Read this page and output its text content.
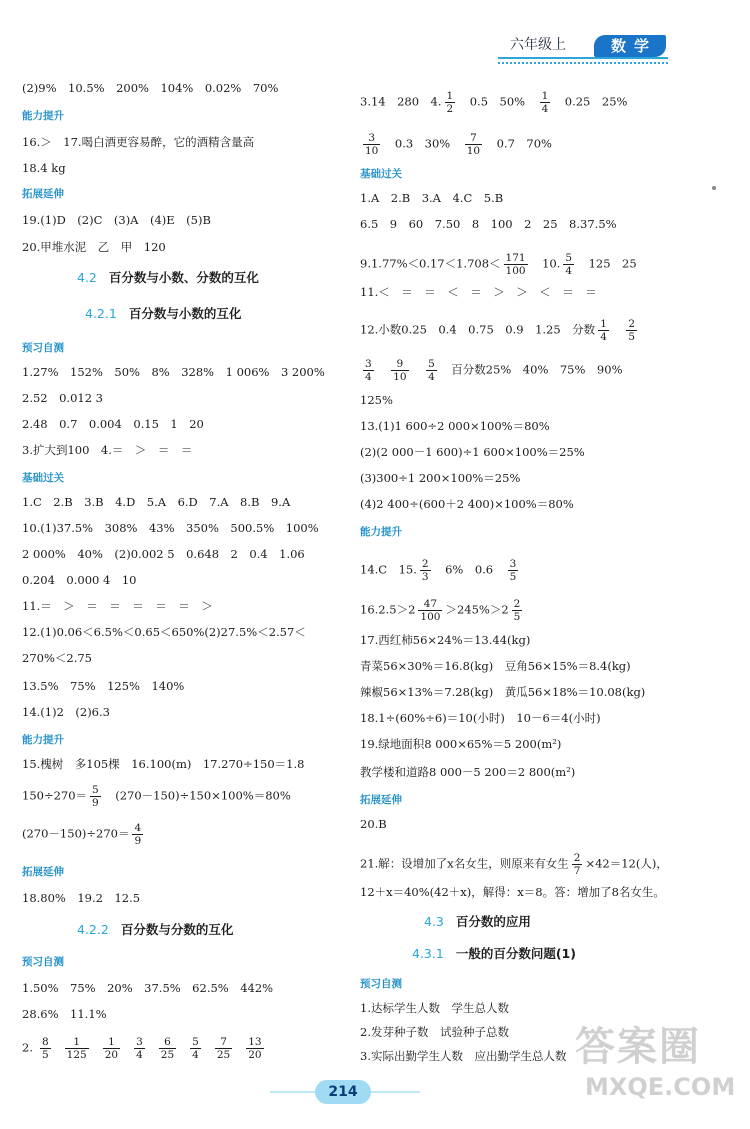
六年级上	数学
(2)9%　10.5%　200%　104%　0.02%　70%
能力提升
16.＞　17.喝白酒更容易醉，它的酒精含量高
18.4 kg
拓展延伸
19.(1)D　(2)C　(3)A　(4)E　(5)B
20.甲堆水泥　乙　甲　120
4.2 百分数与小数、分数的互化
4.2.1 百分数与小数的互化
预习自测
1.27%　152%　50%　8%　328%　1 006%　3 200%
2.52　0.012 3
2.48　0.7　0.004　0.15　1　20
3.扩大到100　4.＝　＞　＝　＝
基础过关
1.C　2.B　3.B　4.D　5.A　6.D　7.A　8.B　9.A
10.(1)37.5%　308%　43%　350%　500.5%　100%
2 000%　40%　(2)0.002 5　0.648　2　0.4　1.06
0.204　0.000 4　10
11.＝　＞　＝　＝　＝　＝　＝　＞
12.(1)0.06＜6.5%＜0.65＜650%(2)27.5%＜2.57＜
270%＜2.75
13.5%　75%　125%　140%
14.(1)2　(2)6.3
能力提升
15.槐树　多105棵　16.100(m)　17.270÷150＝1.8
$150\div 270= \frac{5}{9}$
　 (270－150)÷150×100%＝80%
$(270-150)\div 270= \frac{4}{9}$
拓展延伸
18.80%　19.2　12.5
4.2.2 百分数与分数的互化
预习自测
1.50%　75%　20%　37.5%　62.5%　442%
28.6%　11.1%
2. $\frac{8}{5} \frac{1}{125} \frac{1}{20} \frac{3}{4} \frac{6}{25} \frac{5}{4} \frac{7}{25} \frac{13}{20}$
3.14　280　4. $\frac{1}{2}$
　 0.5　50%　 $\frac{1}{4}$
　 0.25　25%
$\frac{3}{10}$
　 0.3　30%　 $\frac{7}{10}$
　 0.7　70%
基础过关
1.A　2.B　3.A　4.C　5.B
6.5　9　60　7.50　8　100　2　25　8.37.5%
$9.1.77\%<0.17<1.708< \frac{171}{100}$
　 10. $\frac{5}{4}$
　 125　25
11.＜　＝　＝　＜　＝　＞　＞　＜　＝　＝
12.小数0.25　0.4　0.75　0.9　1.25　分数 $\frac{1}{4}$
　 $\frac{2}{5}$
$\frac{3}{4}$
　 $\frac{9}{10}$
　 $\frac{5}{4}$
　 百分数25%　40%　75%　90%
125%
13.(1)1 600÷2 000×100%＝80%
(2)(2 000－1 600)÷1 600×100%＝25%
(3)300÷1 200×100%＝25%
(4)2 400÷(600＋2 400)×100%＝80%
能力提升
14.C　15. $\frac{2}{3}$
　 6%　0.6　 $\frac{3}{5}$
$16.2.5>2 \frac{47}{100} >245\%>2 \frac{2}{5}$
17.西红柿56×24%＝13.44(kg)
青菜56×30%＝16.8(kg)　豆角56×15%＝8.4(kg)
辣椒56×13%＝7.28(kg)　黄瓜56×18%＝10.08(kg)
18.1÷(60%÷6)＝10(小时)　10－6＝4(小时)
19.绿地面积8 000×65%＝5 200(m²)
教学楼和道路8 000－5 200＝2 800(m²)
拓展延伸
20.B
21.解：设增加了x名女生，则原来有女生 $\frac{2}{7} \times 42=12$(人)，
12＋x＝40%(42＋x)，解得：x＝8。答：增加了8名女生。
4.3 百分数的应用
4.3.1 一般的百分数问题(1)
预习自测
1.达标学生人数　学生总人数
2.发芽种子数　试验种子总数
3.实际出勤学生人数　应出勤学生总人数
214
答案圈
MXQE.COM
